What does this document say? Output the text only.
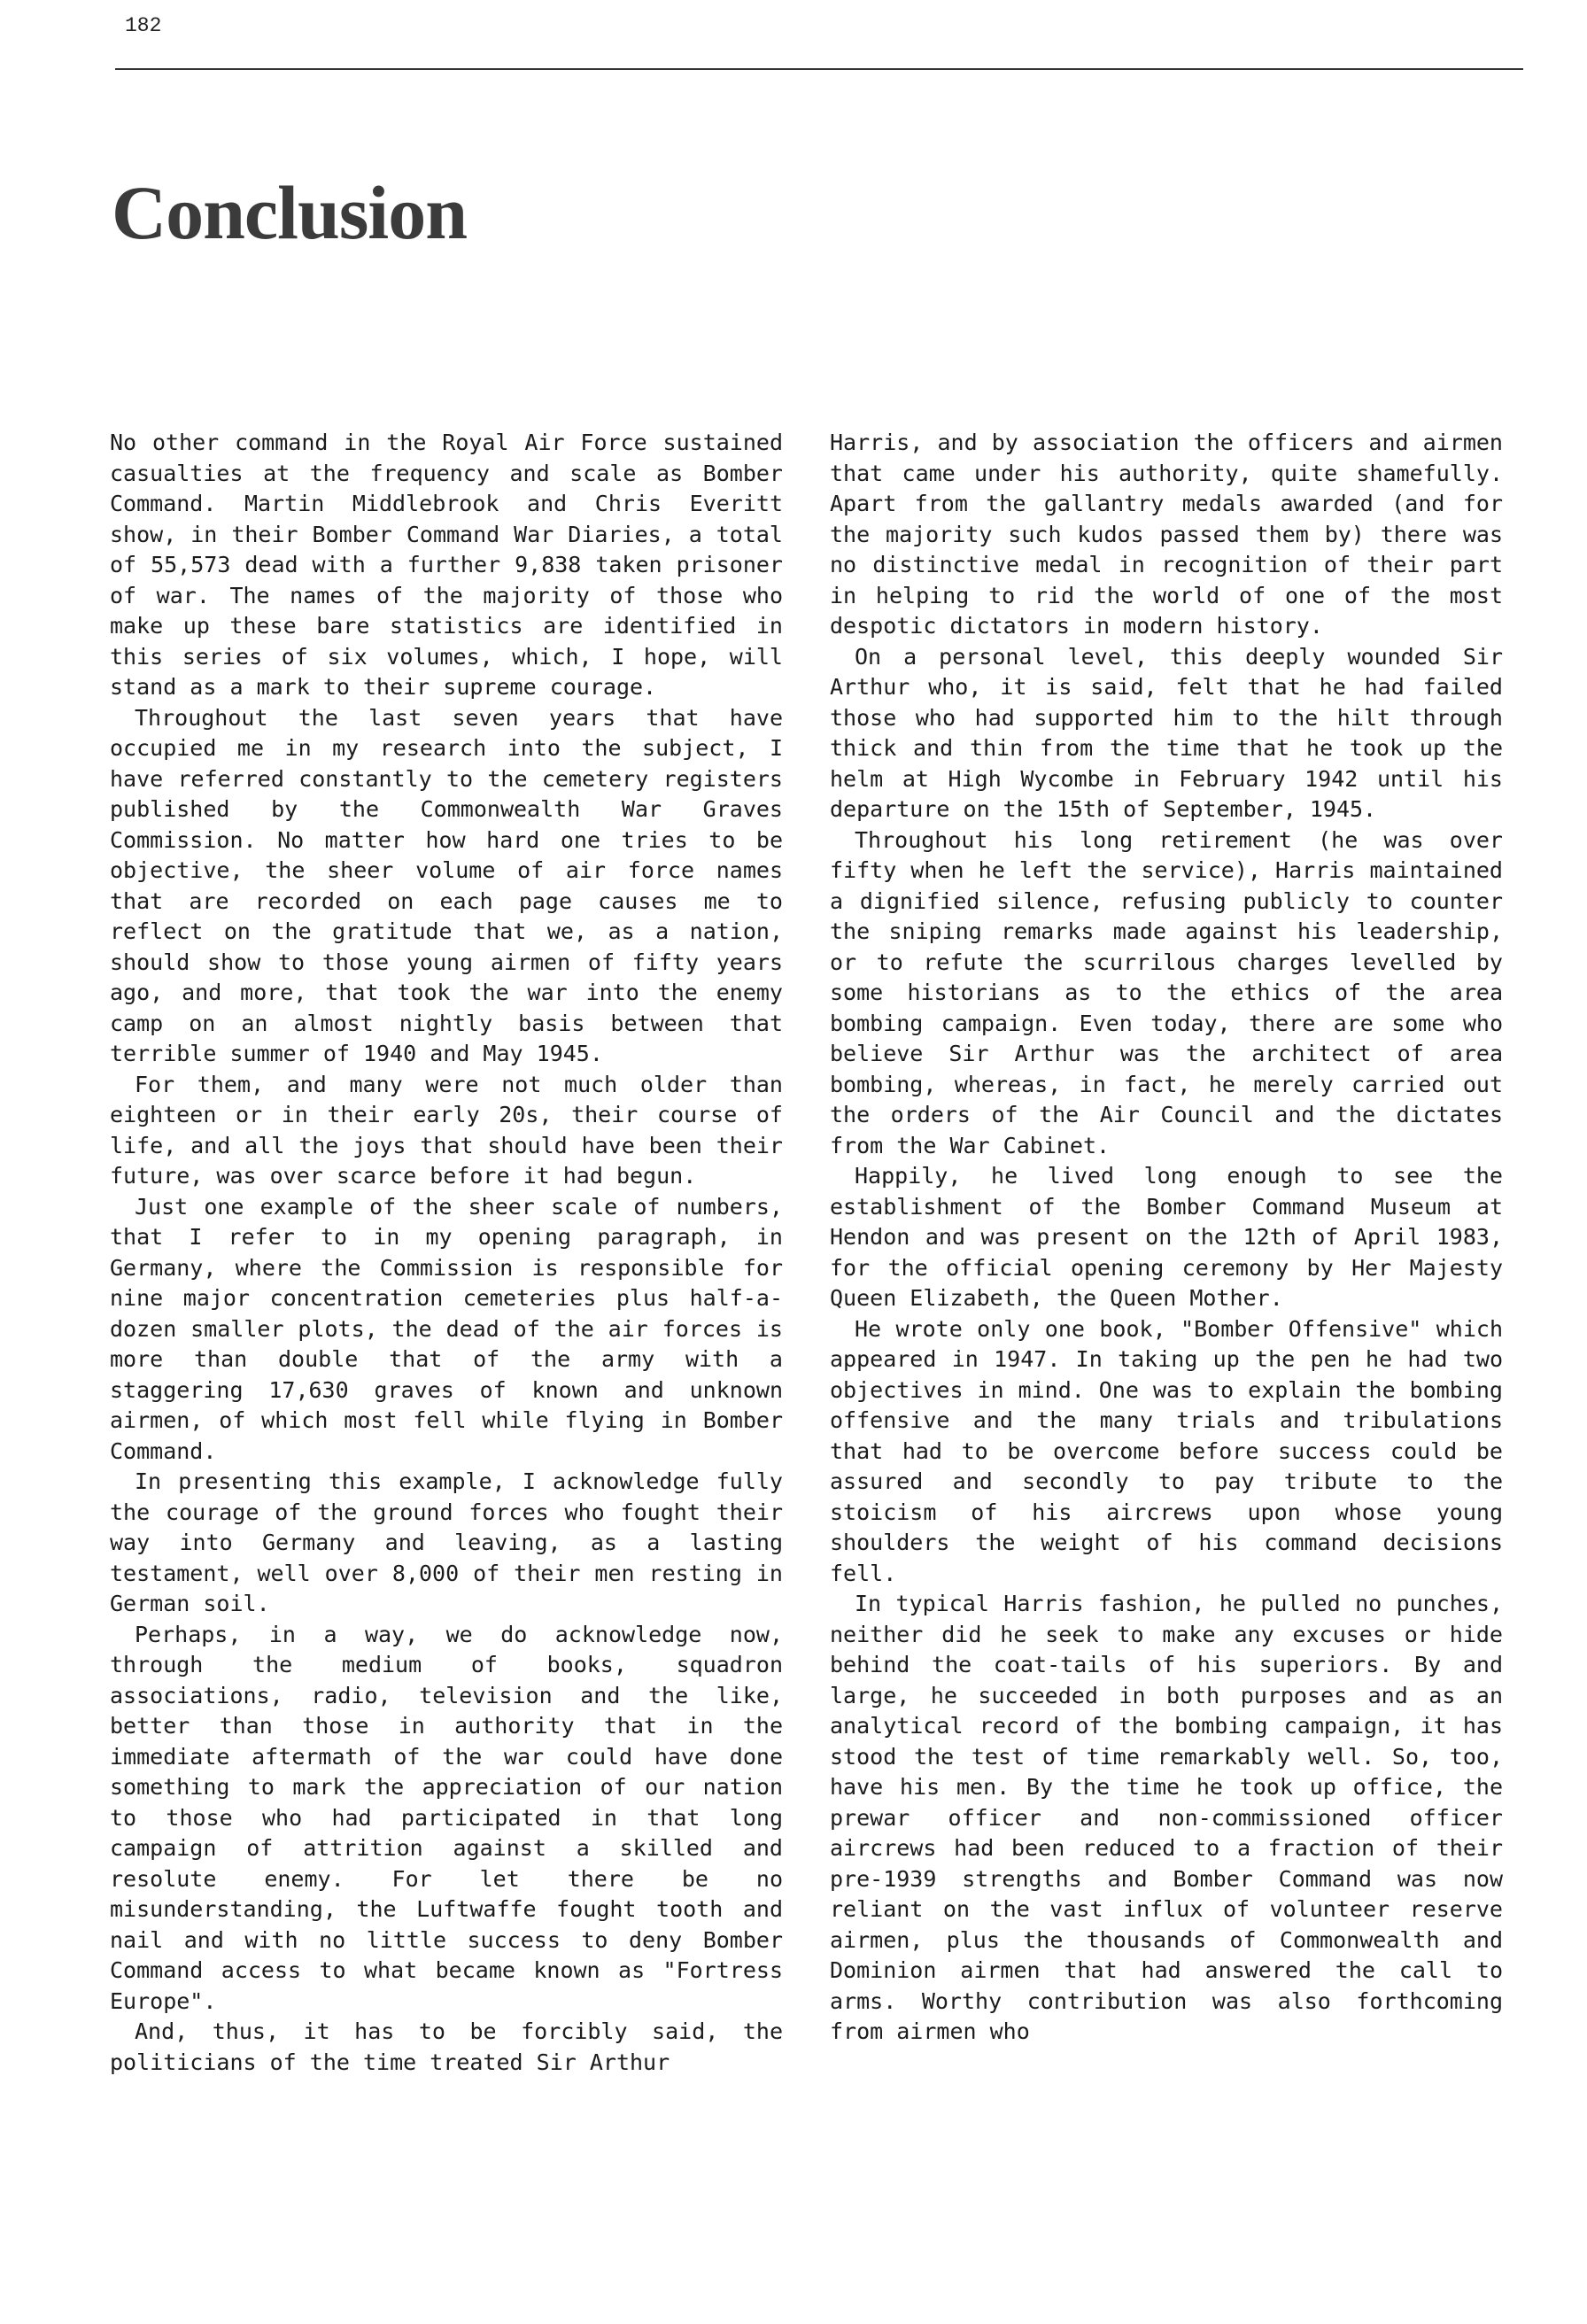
182
Conclusion

No other command in the Royal Air Force sustained casualties at the frequency and scale as Bomber Command. Martin Middlebrook and Chris Everitt show, in their Bomber Command War Diaries, a total of 55,573 dead with a further 9,838 taken prisoner of war. The names of the majority of those who make up these bare statistics are identified in this series of six volumes, which, I hope, will stand as a mark to their supreme courage.

Throughout the last seven years that have occupied me in my research into the subject, I have referred constantly to the cemetery registers published by the Commonwealth War Graves Commission. No matter how hard one tries to be objective, the sheer volume of air force names that are recorded on each page causes me to reflect on the gratitude that we, as a nation, should show to those young airmen of fifty years ago, and more, that took the war into the enemy camp on an almost nightly basis between that terrible summer of 1940 and May 1945.

For them, and many were not much older than eighteen or in their early 20s, their course of life, and all the joys that should have been their future, was over scarce before it had begun.

Just one example of the sheer scale of numbers, that I refer to in my opening paragraph, in Germany, where the Commission is responsible for nine major concentration cemeteries plus half-a-dozen smaller plots, the dead of the air forces is more than double that of the army with a staggering 17,630 graves of known and unknown airmen, of which most fell while flying in Bomber Command.

In presenting this example, I acknowledge fully the courage of the ground forces who fought their way into Germany and leaving, as a lasting testament, well over 8,000 of their men resting in German soil.

Perhaps, in a way, we do acknowledge now, through the medium of books, squadron associations, radio, television and the like, better than those in authority that in the immediate aftermath of the war could have done something to mark the appreciation of our nation to those who had participated in that long campaign of attrition against a skilled and resolute enemy. For let there be no misunderstanding, the Luftwaffe fought tooth and nail and with no little success to deny Bomber Command access to what became known as "Fortress Europe".

And, thus, it has to be forcibly said, the politicians of the time treated Sir Arthur

Harris, and by association the officers and airmen that came under his authority, quite shamefully. Apart from the gallantry medals awarded (and for the majority such kudos passed them by) there was no distinctive medal in recognition of their part in helping to rid the world of one of the most despotic dictators in modern history.

On a personal level, this deeply wounded Sir Arthur who, it is said, felt that he had failed those who had supported him to the hilt through thick and thin from the time that he took up the helm at High Wycombe in February 1942 until his departure on the 15th of September, 1945.

Throughout his long retirement (he was over fifty when he left the service), Harris maintained a dignified silence, refusing publicly to counter the sniping remarks made against his leadership, or to refute the scurrilous charges levelled by some historians as to the ethics of the area bombing campaign. Even today, there are some who believe Sir Arthur was the architect of area bombing, whereas, in fact, he merely carried out the orders of the Air Council and the dictates from the War Cabinet.

Happily, he lived long enough to see the establishment of the Bomber Command Museum at Hendon and was present on the 12th of April 1983, for the official opening ceremony by Her Majesty Queen Elizabeth, the Queen Mother.

He wrote only one book, "Bomber Offensive" which appeared in 1947. In taking up the pen he had two objectives in mind. One was to explain the bombing offensive and the many trials and tribulations that had to be overcome before success could be assured and secondly to pay tribute to the stoicism of his aircrews upon whose young shoulders the weight of his command decisions fell.

In typical Harris fashion, he pulled no punches, neither did he seek to make any excuses or hide behind the coat-tails of his superiors. By and large, he succeeded in both purposes and as an analytical record of the bombing campaign, it has stood the test of time remarkably well. So, too, have his men. By the time he took up office, the prewar officer and non-commissioned officer aircrews had been reduced to a fraction of their pre-1939 strengths and Bomber Command was now reliant on the vast influx of volunteer reserve airmen, plus the thousands of Commonwealth and Dominion airmen that had answered the call to arms. Worthy contribution was also forthcoming from airmen who
